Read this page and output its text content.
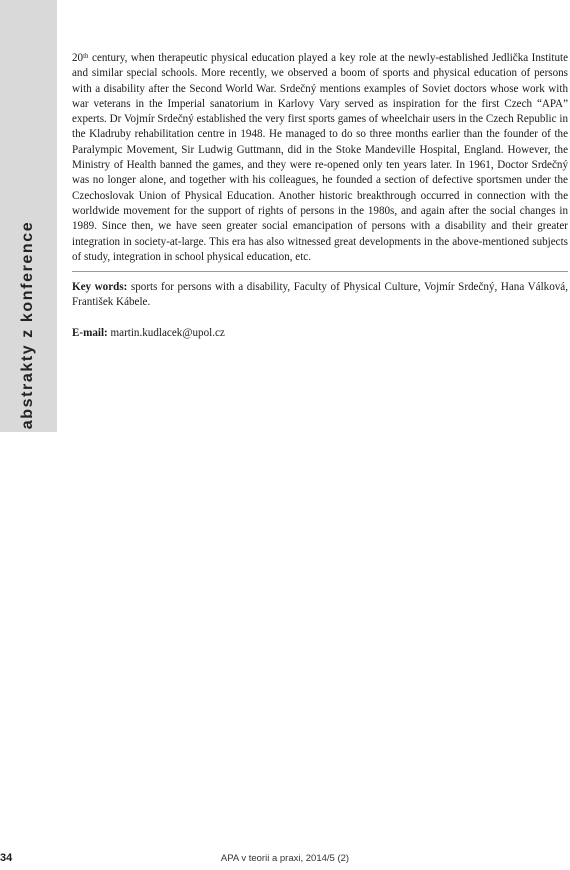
abstrakty z konference

20th century, when therapeutic physical education played a key role at the newly-established Jedlička Institute and similar special schools. More recently, we observed a boom of sports and physical education of persons with a disability after the Second World War. Srdečný mentions examples of Soviet doctors whose work with war veterans in the Imperial sanatorium in Karlovy Vary served as inspiration for the first Czech “APA” experts. Dr Vojmír Srdečný established the very first sports games of wheelchair users in the Czech Republic in the Kladruby rehabilitation centre in 1948. He managed to do so three months earlier than the founder of the Paralympic Movement, Sir Ludwig Guttmann, did in the Stoke Mandeville Hospital, England. However, the Ministry of Health banned the games, and they were re-opened only ten years later. In 1961, Doctor Srdečný was no longer alone, and together with his colleagues, he founded a section of defective sportsmen under the Czechoslovak Union of Physical Education. Another historic breakthrough occurred in connection with the worldwide movement for the support of rights of persons in the 1980s, and again after the social changes in 1989. Since then, we have seen greater social emancipation of persons with a disability and their greater integration in society-at-large. This era has also witnessed great developments in the above-mentioned subjects of study, integration in school physical education, etc.

Key words: sports for persons with a disability, Faculty of Physical Culture, Vojmír Srdečný, Hana Válková, František Kábele.

E-mail: martin.kudlacek@upol.cz

34	APA v teorii a praxi, 2014/5 (2)
